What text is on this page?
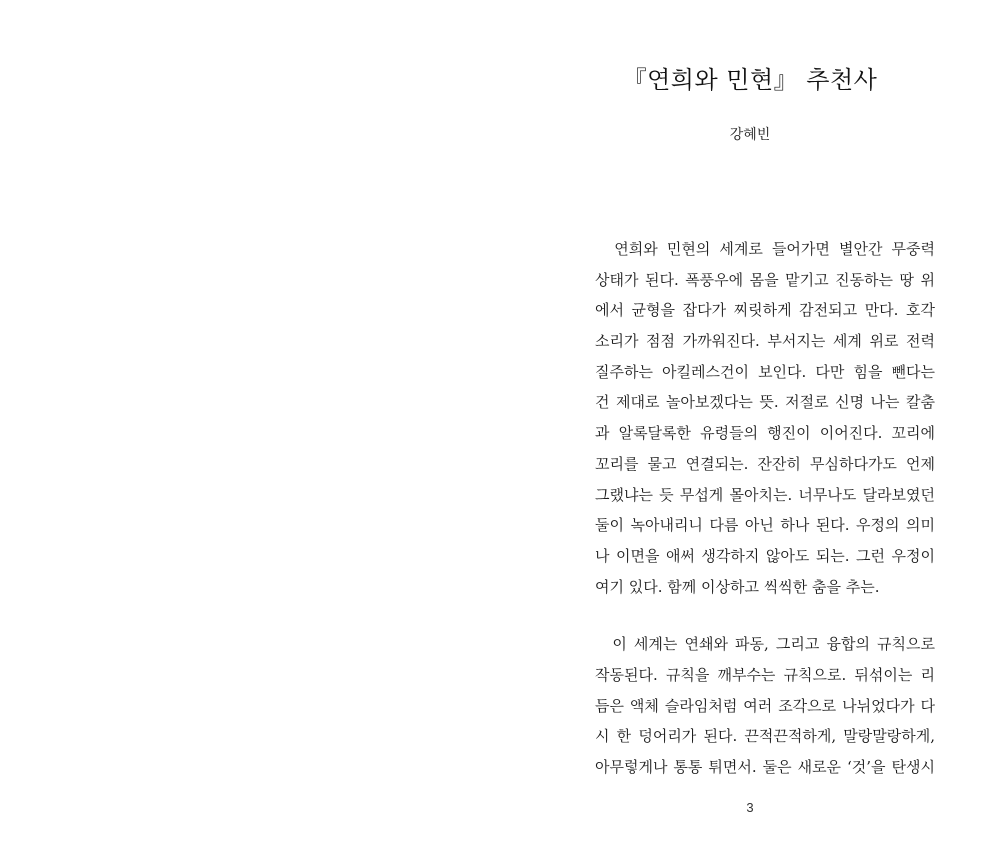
『연희와 민현』 추천사
강혜빈
　연희와 민현의 세계로 들어가면 별안간 무중력
상태가 된다. 폭풍우에 몸을 맡기고 진동하는 땅 위
에서 균형을 잡다가 찌릿하게 감전되고 만다. 호각
소리가 점점 가까워진다. 부서지는 세계 위로 전력
질주하는 아킬레스건이 보인다. 다만 힘을 뺀다는
건 제대로 놀아보겠다는 뜻. 저절로 신명 나는 칼춤
과 알록달록한 유령들의 행진이 이어진다. 꼬리에
꼬리를 물고 연결되는. 잔잔히 무심하다가도 언제
그랬냐는 듯 무섭게 몰아치는. 너무나도 달라보였던
둘이 녹아내리니 다름 아닌 하나 된다. 우정의 의미
나 이면을 애써 생각하지 않아도 되는. 그런 우정이
여기 있다. 함께 이상하고 씩씩한 춤을 추는.
　이 세계는 연쇄와 파동, 그리고 융합의 규칙으로
작동된다. 규칙을 깨부수는 규칙으로. 뒤섞이는 리
듬은 액체 슬라임처럼 여러 조각으로 나뉘었다가 다
시 한 덩어리가 된다. 끈적끈적하게, 말랑말랑하게,
아무렇게나 통통 튀면서. 둘은 새로운 ‘것’을 탄생시
3
